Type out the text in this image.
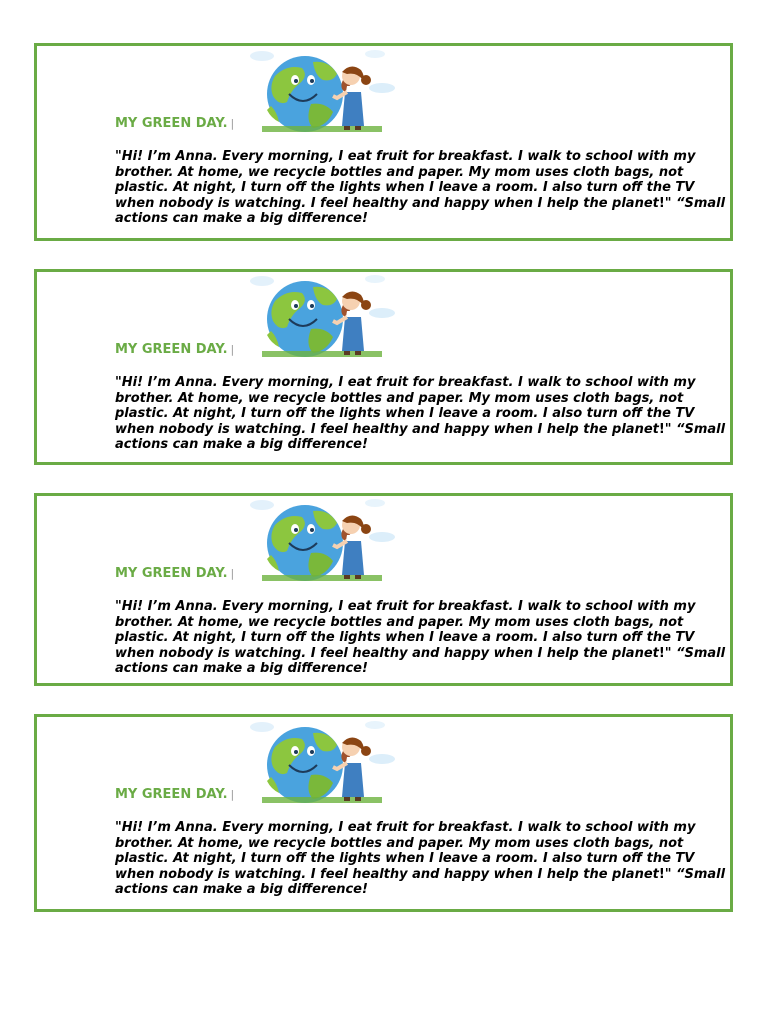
MY GREEN DAY. |

"Hi! I’m Anna. Every morning, I eat fruit for breakfast. I walk to school with my brother. At home, we recycle bottles and paper. My mom uses cloth bags, not plastic. At night, I turn off the lights when I leave a room. I also turn off the TV when nobody is watching. I feel healthy and happy when I help the planet!" “Small actions can make a big difference!

MY GREEN DAY. |

"Hi! I’m Anna. Every morning, I eat fruit for breakfast. I walk to school with my brother. At home, we recycle bottles and paper. My mom uses cloth bags, not plastic. At night, I turn off the lights when I leave a room. I also turn off the TV when nobody is watching. I feel healthy and happy when I help the planet!" “Small actions can make a big difference!

MY GREEN DAY. |

"Hi! I’m Anna. Every morning, I eat fruit for breakfast. I walk to school with my brother. At home, we recycle bottles and paper. My mom uses cloth bags, not plastic. At night, I turn off the lights when I leave a room. I also turn off the TV when nobody is watching. I feel healthy and happy when I help the planet!" “Small actions can make a big difference!

MY GREEN DAY. |

"Hi! I’m Anna. Every morning, I eat fruit for breakfast. I walk to school with my brother. At home, we recycle bottles and paper. My mom uses cloth bags, not plastic. At night, I turn off the lights when I leave a room. I also turn off the TV when nobody is watching. I feel healthy and happy when I help the planet!" “Small actions can make a big difference!
